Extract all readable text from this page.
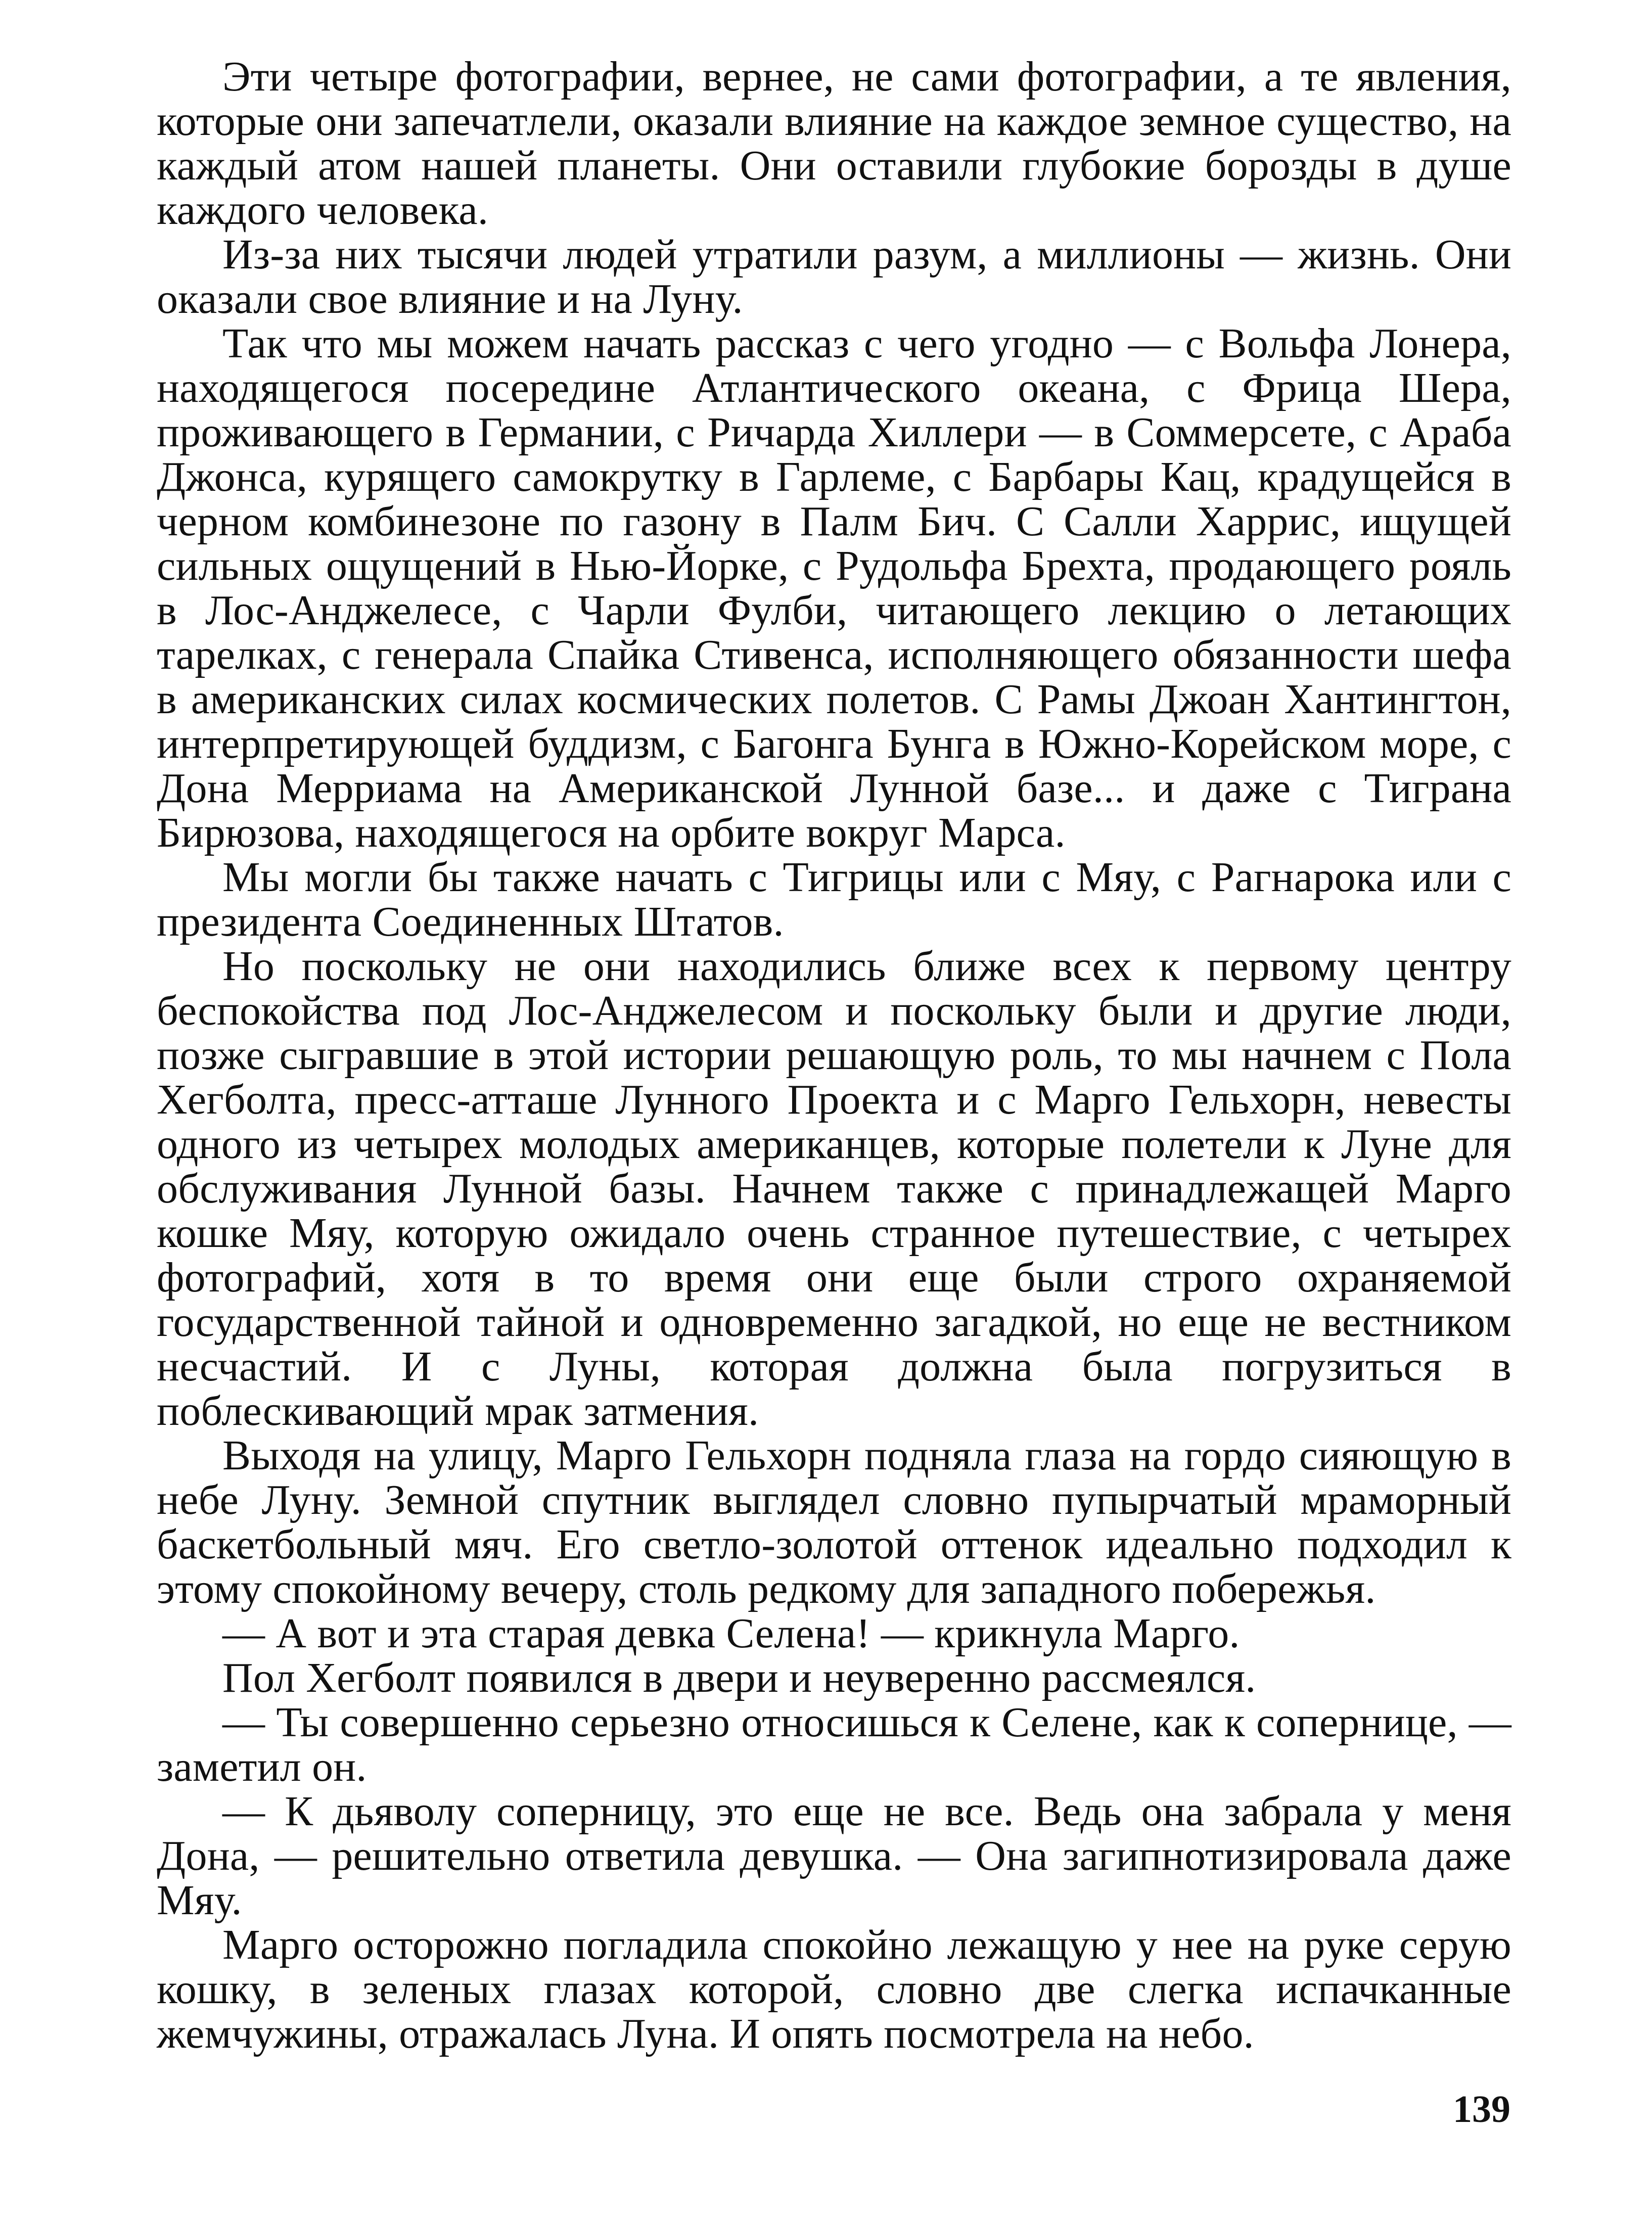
Эти четыре фотографии, вернее, не сами фотографии, а те явления, которые они запечатлели, оказали влияние на каждое земное существо, на каждый атом нашей планеты. Они оставили глубокие борозды в душе каждого человека.

Из-за них тысячи людей утратили разум, а миллионы — жизнь. Они оказали свое влияние и на Луну.

Так что мы можем начать рассказ с чего угодно — с Вольфа Лонера, находящегося посередине Атлантического океана, с Фрица Шера, проживающего в Германии, с Ричарда Хиллери — в Соммерсете, с Араба Джонса, курящего самокрутку в Гарлеме, с Барбары Кац, крадущейся в черном комбинезоне по газону в Палм Бич. С Салли Харрис, ищущей сильных ощущений в Нью-Йорке, с Рудольфа Брехта, продающего рояль в Лос-Анджелесе, с Чарли Фулби, читающего лекцию о летающих тарелках, с генерала Спайка Стивенса, исполняющего обязанности шефа в американских силах космических полетов. С Рамы Джоан Хантингтон, интерпретирующей буддизм, с Багонга Бунга в Южно-Корейском море, с Дона Мерриама на Американской Лунной базе... и даже с Тиграна Бирюзова, находящегося на орбите вокруг Марса.

Мы могли бы также начать с Тигрицы или с Мяу, с Рагнарока или с президента Соединенных Штатов.

Но поскольку не они находились ближе всех к первому центру беспокойства под Лос-Анджелесом и поскольку были и другие люди, позже сыгравшие в этой истории решающую роль, то мы начнем с Пола Хегболта, пресс-атташе Лунного Проекта и с Марго Гельхорн, невесты одного из четырех молодых американцев, которые полетели к Луне для обслуживания Лунной базы. Начнем также с принадлежащей Марго кошке Мяу, которую ожидало очень странное путешествие, с четырех фотографий, хотя в то время они еще были строго охраняемой государственной тайной и одновременно загадкой, но еще не вестником несчастий. И с Луны, которая должна была погрузиться в поблескивающий мрак затмения.

Выходя на улицу, Марго Гельхорн подняла глаза на гордо сияющую в небе Луну. Земной спутник выглядел словно пупырчатый мраморный баскетбольный мяч. Его светло-золотой оттенок идеально подходил к этому спокойному вечеру, столь редкому для западного побережья.

— А вот и эта старая девка Селена! — крикнула Марго.

Пол Хегболт появился в двери и неуверенно рассмеялся.

— Ты совершенно серьезно относишься к Селене, как к сопернице, — заметил он.

— К дьяволу соперницу, это еще не все. Ведь она забрала у меня Дона, — решительно ответила девушка. — Она загипнотизировала даже Мяу.

Марго осторожно погладила спокойно лежащую у нее на руке серую кошку, в зеленых глазах которой, словно две слегка испачканные жемчужины, отражалась Луна. И опять посмотрела на небо.

139
